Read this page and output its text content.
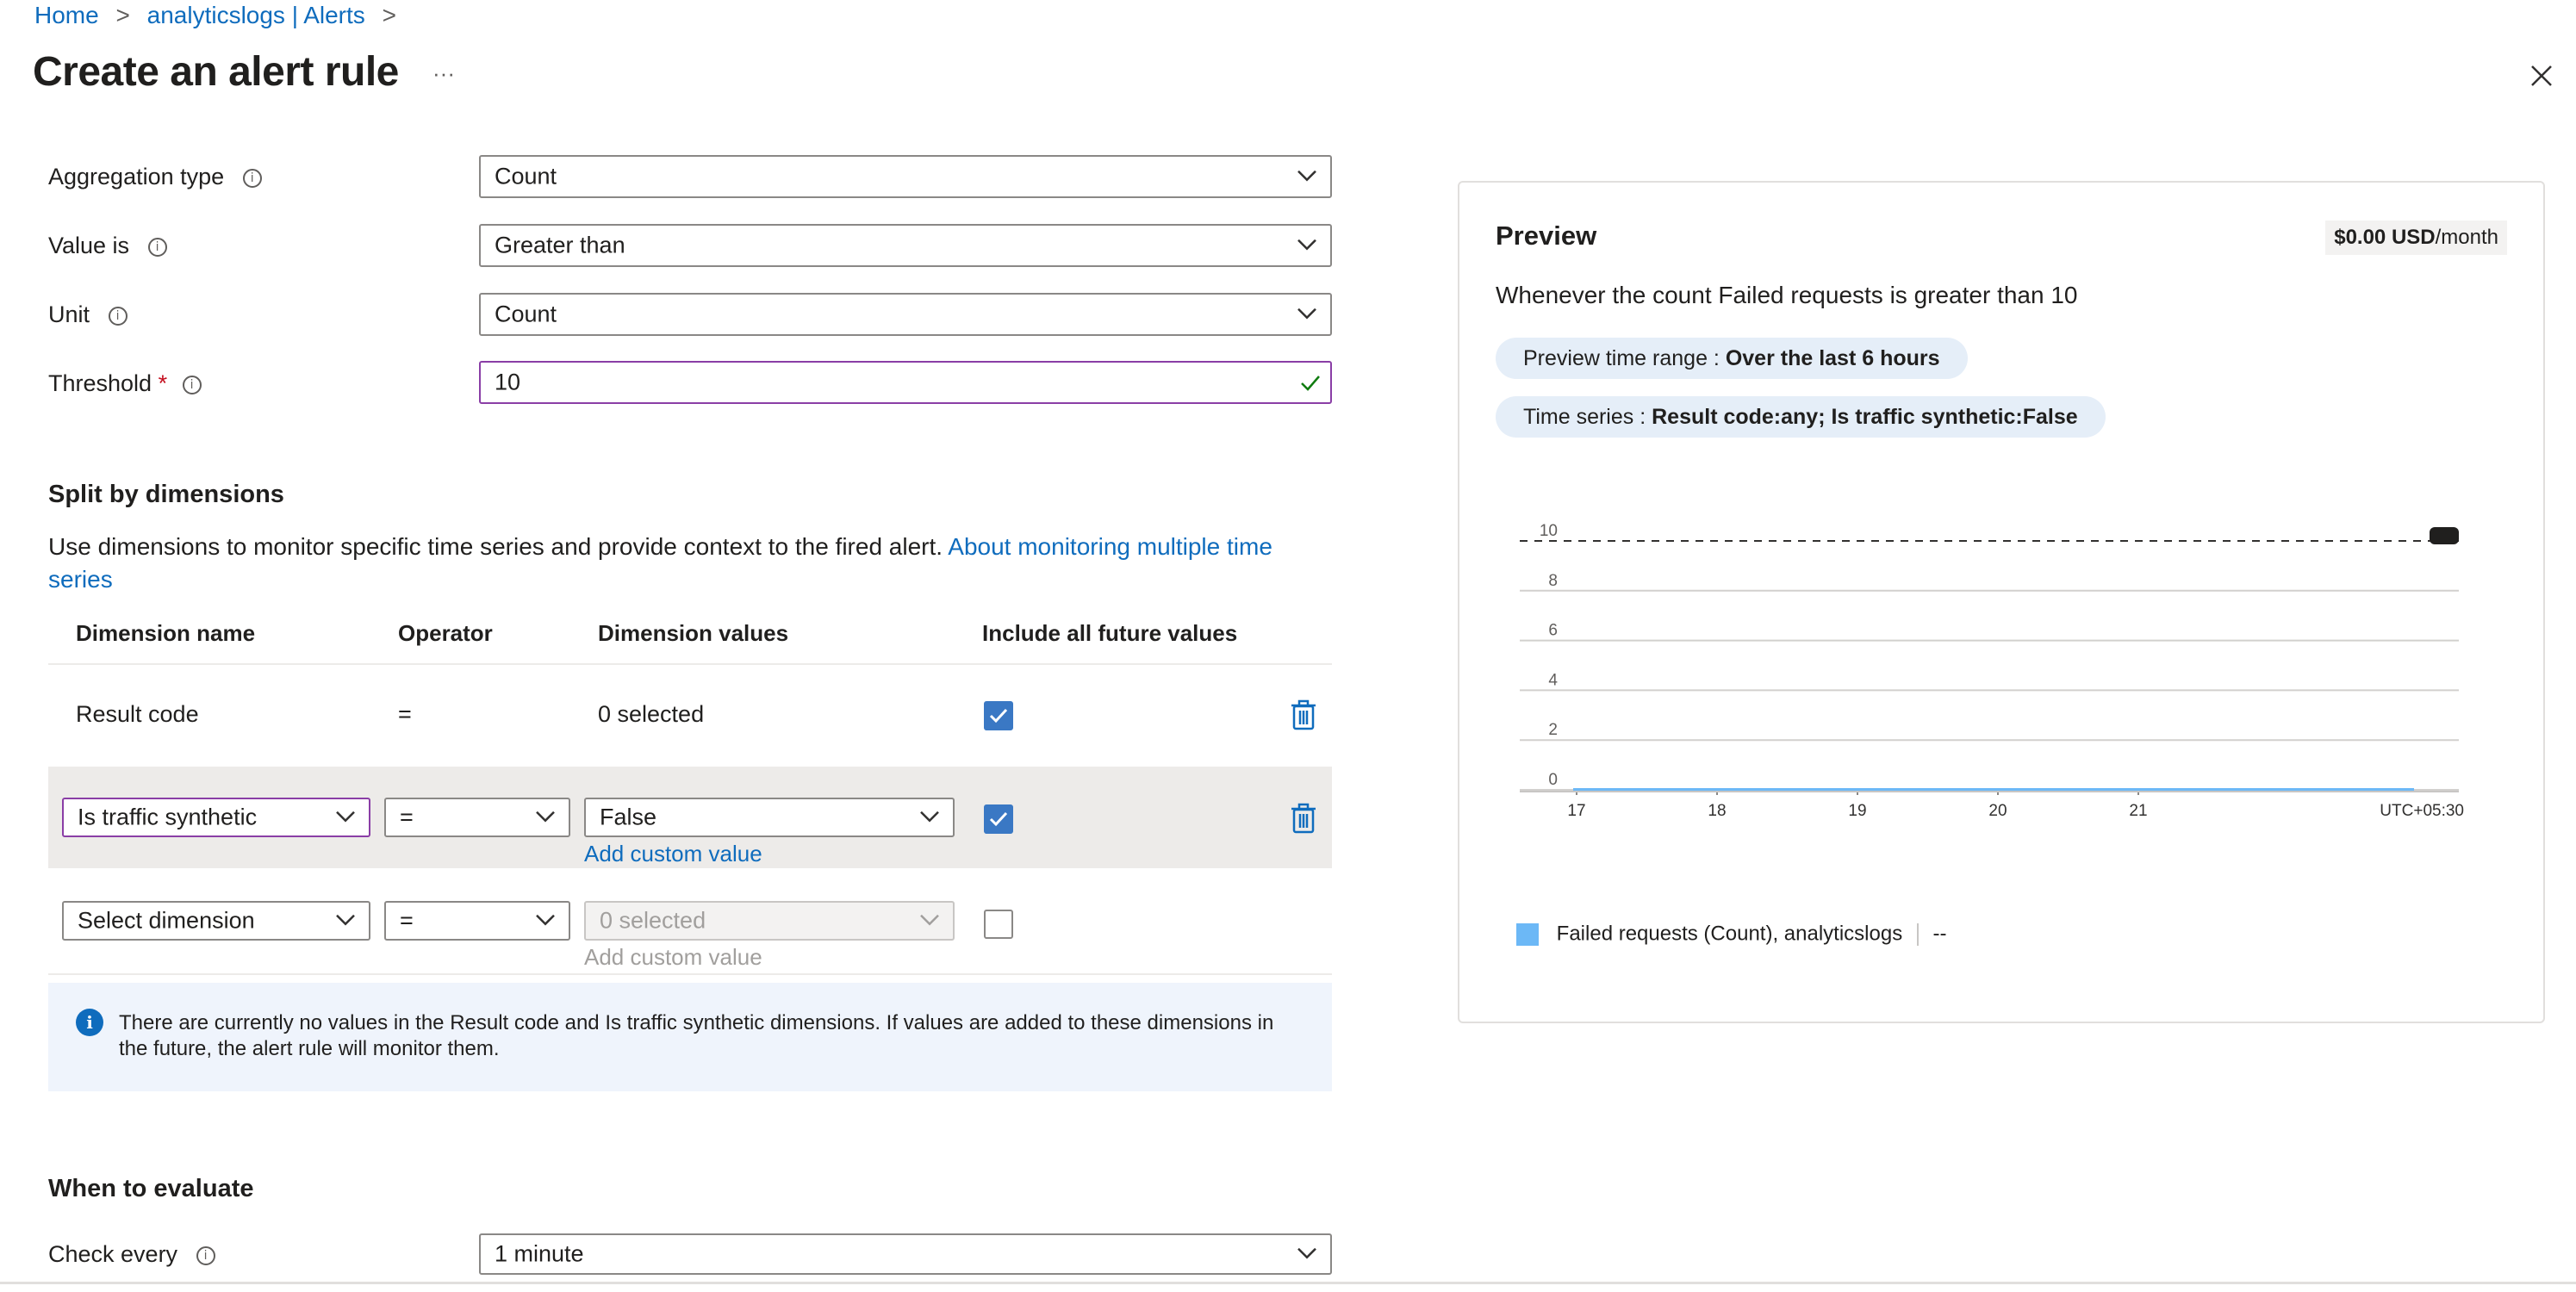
Home > analyticslogs | Alerts >
Create an alert rule ···
Aggregation type i	Count
Value is i	Greater than
Unit i	Count
Threshold * i	10
Split by dimensions
Use dimensions to monitor specific time series and provide context to the fired alert. About monitoring multiple time series
Dimension name	Operator	Dimension values	Include all future values
Result code	=	0 selected
Is traffic synthetic	=	False
Add custom value
Select dimension	=	0 selected
Add custom value
i	There are currently no values in the Result code and Is traffic synthetic dimensions. If values are added to these dimensions in the future, the alert rule will monitor them.
When to evaluate
Check every i	1 minute
Preview	$0.00 USD/month
Whenever the count Failed requests is greater than 10
Preview time range : Over the last 6 hours
Time series : Result code:any; Is traffic synthetic:False
0
2
4
6
8
10
17	18	19	20	21	UTC+05:30
Failed requests (Count), analyticslogs --
